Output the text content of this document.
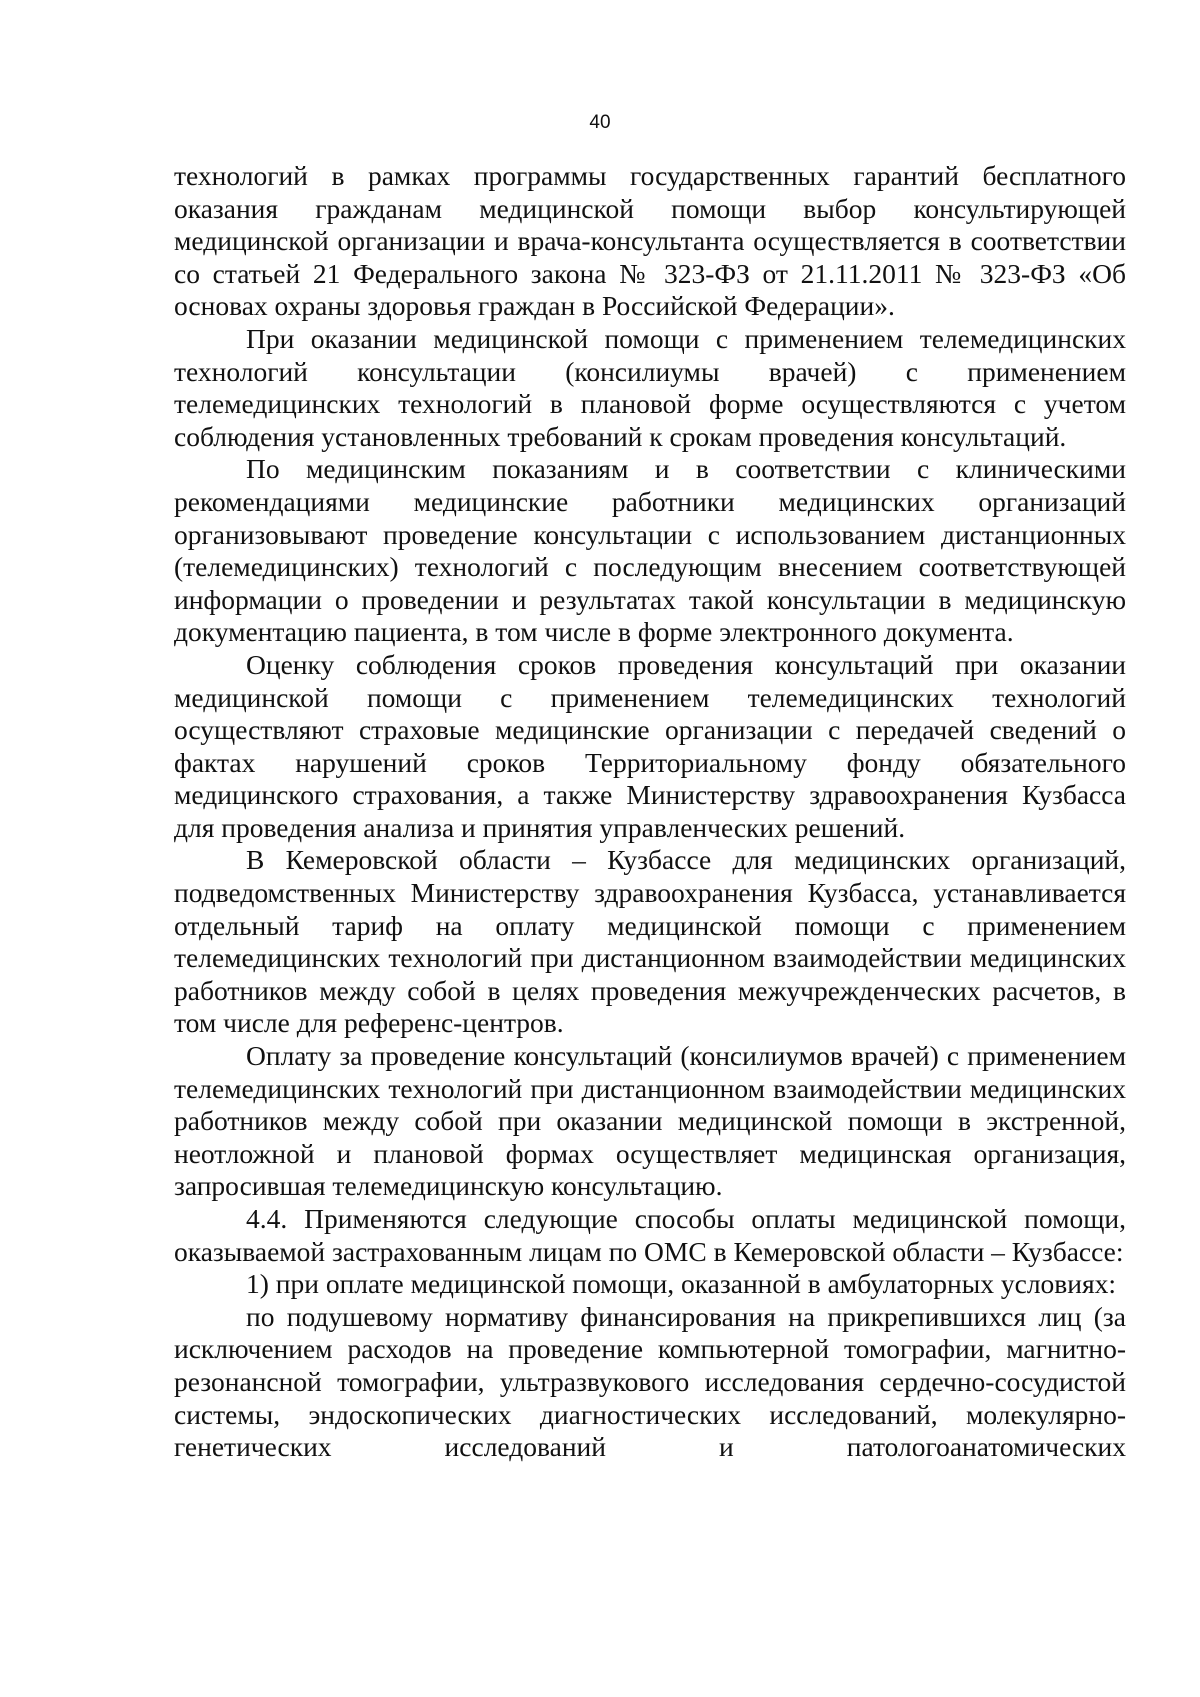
40

технологий в рамках программы государственных гарантий бесплатного оказания гражданам медицинской помощи выбор консультирующей медицинской организации и врача-консультанта осуществляется в соответствии со статьей 21 Федерального закона № 323-ФЗ от 21.11.2011 № 323-ФЗ «Об основах охраны здоровья граждан в Российской Федерации».

При оказании медицинской помощи с применением телемедицинских технологий консультации (консилиумы врачей) с применением телемедицинских технологий в плановой форме осуществляются с учетом соблюдения установленных требований к срокам проведения консультаций.

По медицинским показаниям и в соответствии с клиническими рекомендациями медицинские работники медицинских организаций организовывают проведение консультации с использованием дистанционных (телемедицинских) технологий с последующим внесением соответствующей информации о проведении и результатах такой консультации в медицинскую документацию пациента, в том числе в форме электронного документа.

Оценку соблюдения сроков проведения консультаций при оказании медицинской помощи с применением телемедицинских технологий осуществляют страховые медицинские организации с передачей сведений о фактах нарушений сроков Территориальному фонду обязательного медицинского страхования, а также Министерству здравоохранения Кузбасса для проведения анализа и принятия управленческих решений.

В Кемеровской области – Кузбассе для медицинских организаций, подведомственных Министерству здравоохранения Кузбасса, устанавливается отдельный тариф на оплату медицинской помощи с применением телемедицинских технологий при дистанционном взаимодействии медицинских работников между собой в целях проведения межучрежденческих расчетов, в том числе для референс-центров.

Оплату за проведение консультаций (консилиумов врачей) с применением телемедицинских технологий при дистанционном взаимодействии медицинских работников между собой при оказании медицинской помощи в экстренной, неотложной и плановой формах осуществляет медицинская организация, запросившая телемедицинскую консультацию.

4.4. Применяются следующие способы оплаты медицинской помощи, оказываемой застрахованным лицам по ОМС в Кемеровской области – Кузбассе:

1) при оплате медицинской помощи, оказанной в амбулаторных условиях:

по подушевому нормативу финансирования на прикрепившихся лиц (за исключением расходов на проведение компьютерной томографии, магнитно-резонансной томографии, ультразвукового исследования сердечно-сосудистой системы, эндоскопических диагностических исследований, молекулярно-генетических исследований и патологоанатомических
